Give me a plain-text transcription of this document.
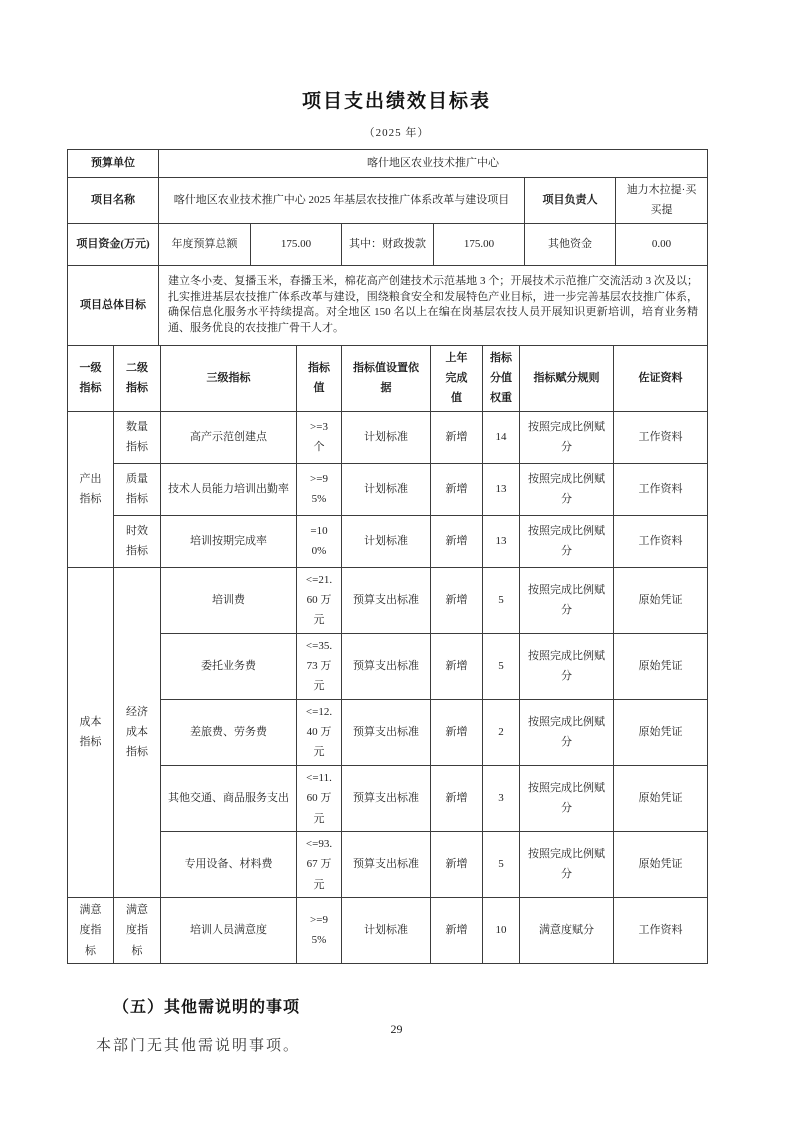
项目支出绩效目标表
（2025 年）
预算单位	喀什地区农业技术推广中心					
项目名称	喀什地区农业技术推广中心 2025 年基层农技推广体系改革与建设项目				项目负责人	迪力木拉提·买买提
项目资金(万元)	年度预算总额	175.00	其中：财政拨款	175.00	其他资金	0.00
项目总体目标	建立冬小麦、复播玉米，春播玉米，棉花高产创建技术示范基地 3 个；开展技术示范推广交流活动 3 次及以；扎实推进基层农技推广体系改革与建设，围绕粮食安全和发展特色产业目标，进一步完善基层农技推广体系，确保信息化服务水平持续提高。对全地区 150 名以上在编在岗基层农技人员开展知识更新培训，培育业务精通、服务优良的农技推广骨干人才。					
一级指标	二级指标	三级指标	指标值	指标值设置依据	上年完成值	指标分值权重	指标赋分规则	佐证资料
产出指标	数量指标	高产示范创建点	>=3 个	计划标准	新增	14	按照完成比例赋分	工作资料
	质量指标	技术人员能力培训出勤率	>=95%	计划标准	新增	13	按照完成比例赋分	工作资料
	时效指标	培训按期完成率	=100%	计划标准	新增	13	按照完成比例赋分	工作资料
成本指标	经济成本指标	培训费	<=21.60 万元	预算支出标准	新增	5	按照完成比例赋分	原始凭证
		委托业务费	<=35.73 万元	预算支出标准	新增	5	按照完成比例赋分	原始凭证
		差旅费、劳务费	<=12.40 万元	预算支出标准	新增	2	按照完成比例赋分	原始凭证
		其他交通、商品服务支出	<=11.60 万元	预算支出标准	新增	3	按照完成比例赋分	原始凭证
		专用设备、材料费	<=93.67 万元	预算支出标准	新增	5	按照完成比例赋分	原始凭证
满意度指标	满意度指标	培训人员满意度	>=95%	计划标准	新增	10	满意度赋分	工作资料
（五）其他需说明的事项
本部门无其他需说明事项。
29
